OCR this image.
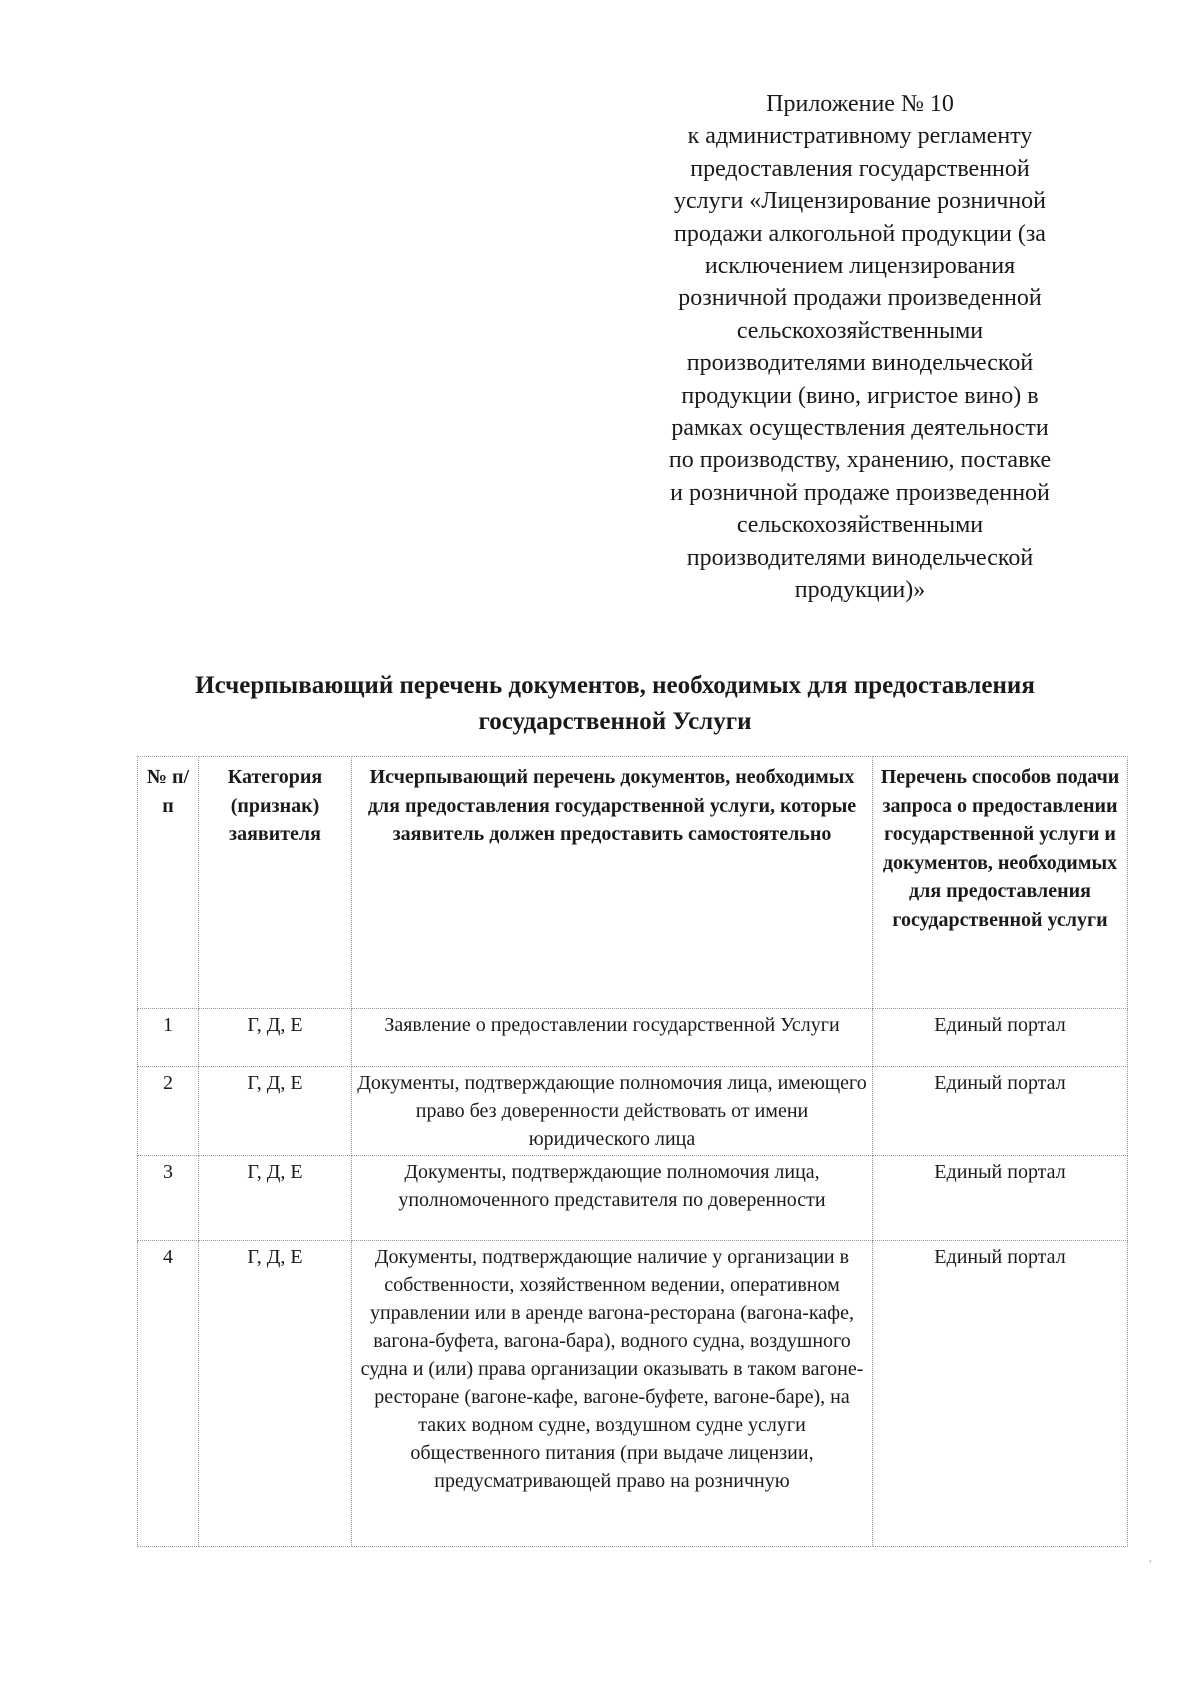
Приложение № 10
к административному регламенту
предоставления государственной
услуги «Лицензирование розничной
продажи алкогольной продукции (за
исключением лицензирования
розничной продажи произведенной
сельскохозяйственными
производителями винодельческой
продукции (вино, игристое вино) в
рамках осуществления деятельности
по производству, хранению, поставке
и розничной продаже произведенной
сельскохозяйственными
производителями винодельческой
продукции)»
Исчерпывающий перечень документов, необходимых для предоставления
государственной Услуги
№ п/п	Категория (признак) заявителя	Исчерпывающий перечень документов, необходимых для предоставления государственной услуги, которые заявитель должен предоставить самостоятельно	Перечень способов подачи запроса о предоставлении государственной услуги и документов, необходимых для предоставления государственной услуги
1	Г, Д, Е	Заявление о предоставлении государственной Услуги	Единый портал
2	Г, Д, Е	Документы, подтверждающие полномочия лица, имеющего право без доверенности действовать от имени юридического лица	Единый портал
3	Г, Д, Е	Документы, подтверждающие полномочия лица, уполномоченного представителя по доверенности	Единый портал
4	Г, Д, Е	Документы, подтверждающие наличие у организации в собственности, хозяйственном ведении, оперативном управлении или в аренде вагона-ресторана (вагона-кафе, вагона-буфета, вагона-бара), водного судна, воздушного судна и (или) права организации оказывать в таком вагоне-ресторане (вагоне-кафе, вагоне-буфете, вагоне-баре), на таких водном судне, воздушном судне услуги общественного питания (при выдаче лицензии, предусматривающей право на розничную	Единый портал
·
